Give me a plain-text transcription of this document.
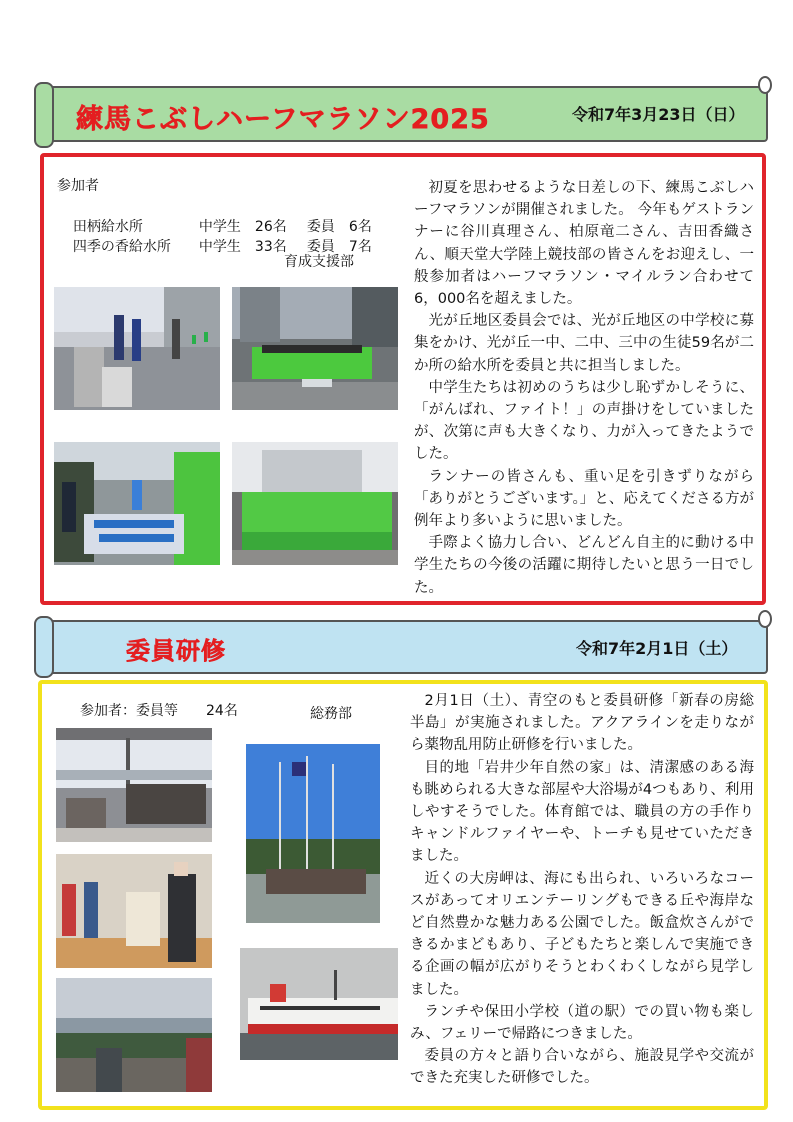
練馬こぶしハーフマラソン2025	令和7年3月23日（日）
参加者

田柄給水所	中学生　26名 委員　6名

四季の香給水所 中学生　33名 委員　7名

育成支援部

初夏を思わせるような日差しの下、練馬こぶしハーフマラソンが開催されました。 今年もゲストランナーに谷川真理さん、柏原竜二さん、吉田香織さん、順天堂大学陸上競技部の皆さんをお迎えし、一般参加者はハーフマラソン・マイルラン合わせて6，000名を超えました。

光が丘地区委員会では、光が丘地区の中学校に募集をかけ、光が丘一中、二中、三中の生徒59名が二か所の給水所を委員と共に担当しました。

中学生たちは初めのうちは少し恥ずかしそうに、「がんばれ、ファイト！」の声掛けをしていましたが、次第に声も大きくなり、力が入ってきたようでした。

ランナーの皆さんも、重い足を引きずりながら「ありがとうございます。」と、応えてくださる方が例年より多いように思いました。

手際よく協力し合い、どんどん自主的に動ける中学生たちの今後の活躍に期待したいと思う一日でした。

委員研修	令和7年2月1日（土）
参加者：委員等　　24名	総務部

2月1日（土）、青空のもと委員研修「新春の房総半島」が実施されました。アクアラインを走りながら薬物乱用防止研修を行いました。

目的地「岩井少年自然の家」は、清潔感のある海も眺められる大きな部屋や大浴場が4つもあり、利用しやすそうでした。体育館では、職員の方の手作りキャンドルファイヤーや、トーチも見せていただきました。

近くの大房岬は、海にも出られ、いろいろなコースがあってオリエンテーリングもできる丘や海岸など自然豊かな魅力ある公園でした。飯盒炊さんができるかまどもあり、子どもたちと楽しんで実施できる企画の幅が広がりそうとわくわくしながら見学しました。

ランチや保田小学校（道の駅）での買い物も楽しみ、フェリーで帰路につきました。

委員の方々と語り合いながら、施設見学や交流ができた充実した研修でした。
